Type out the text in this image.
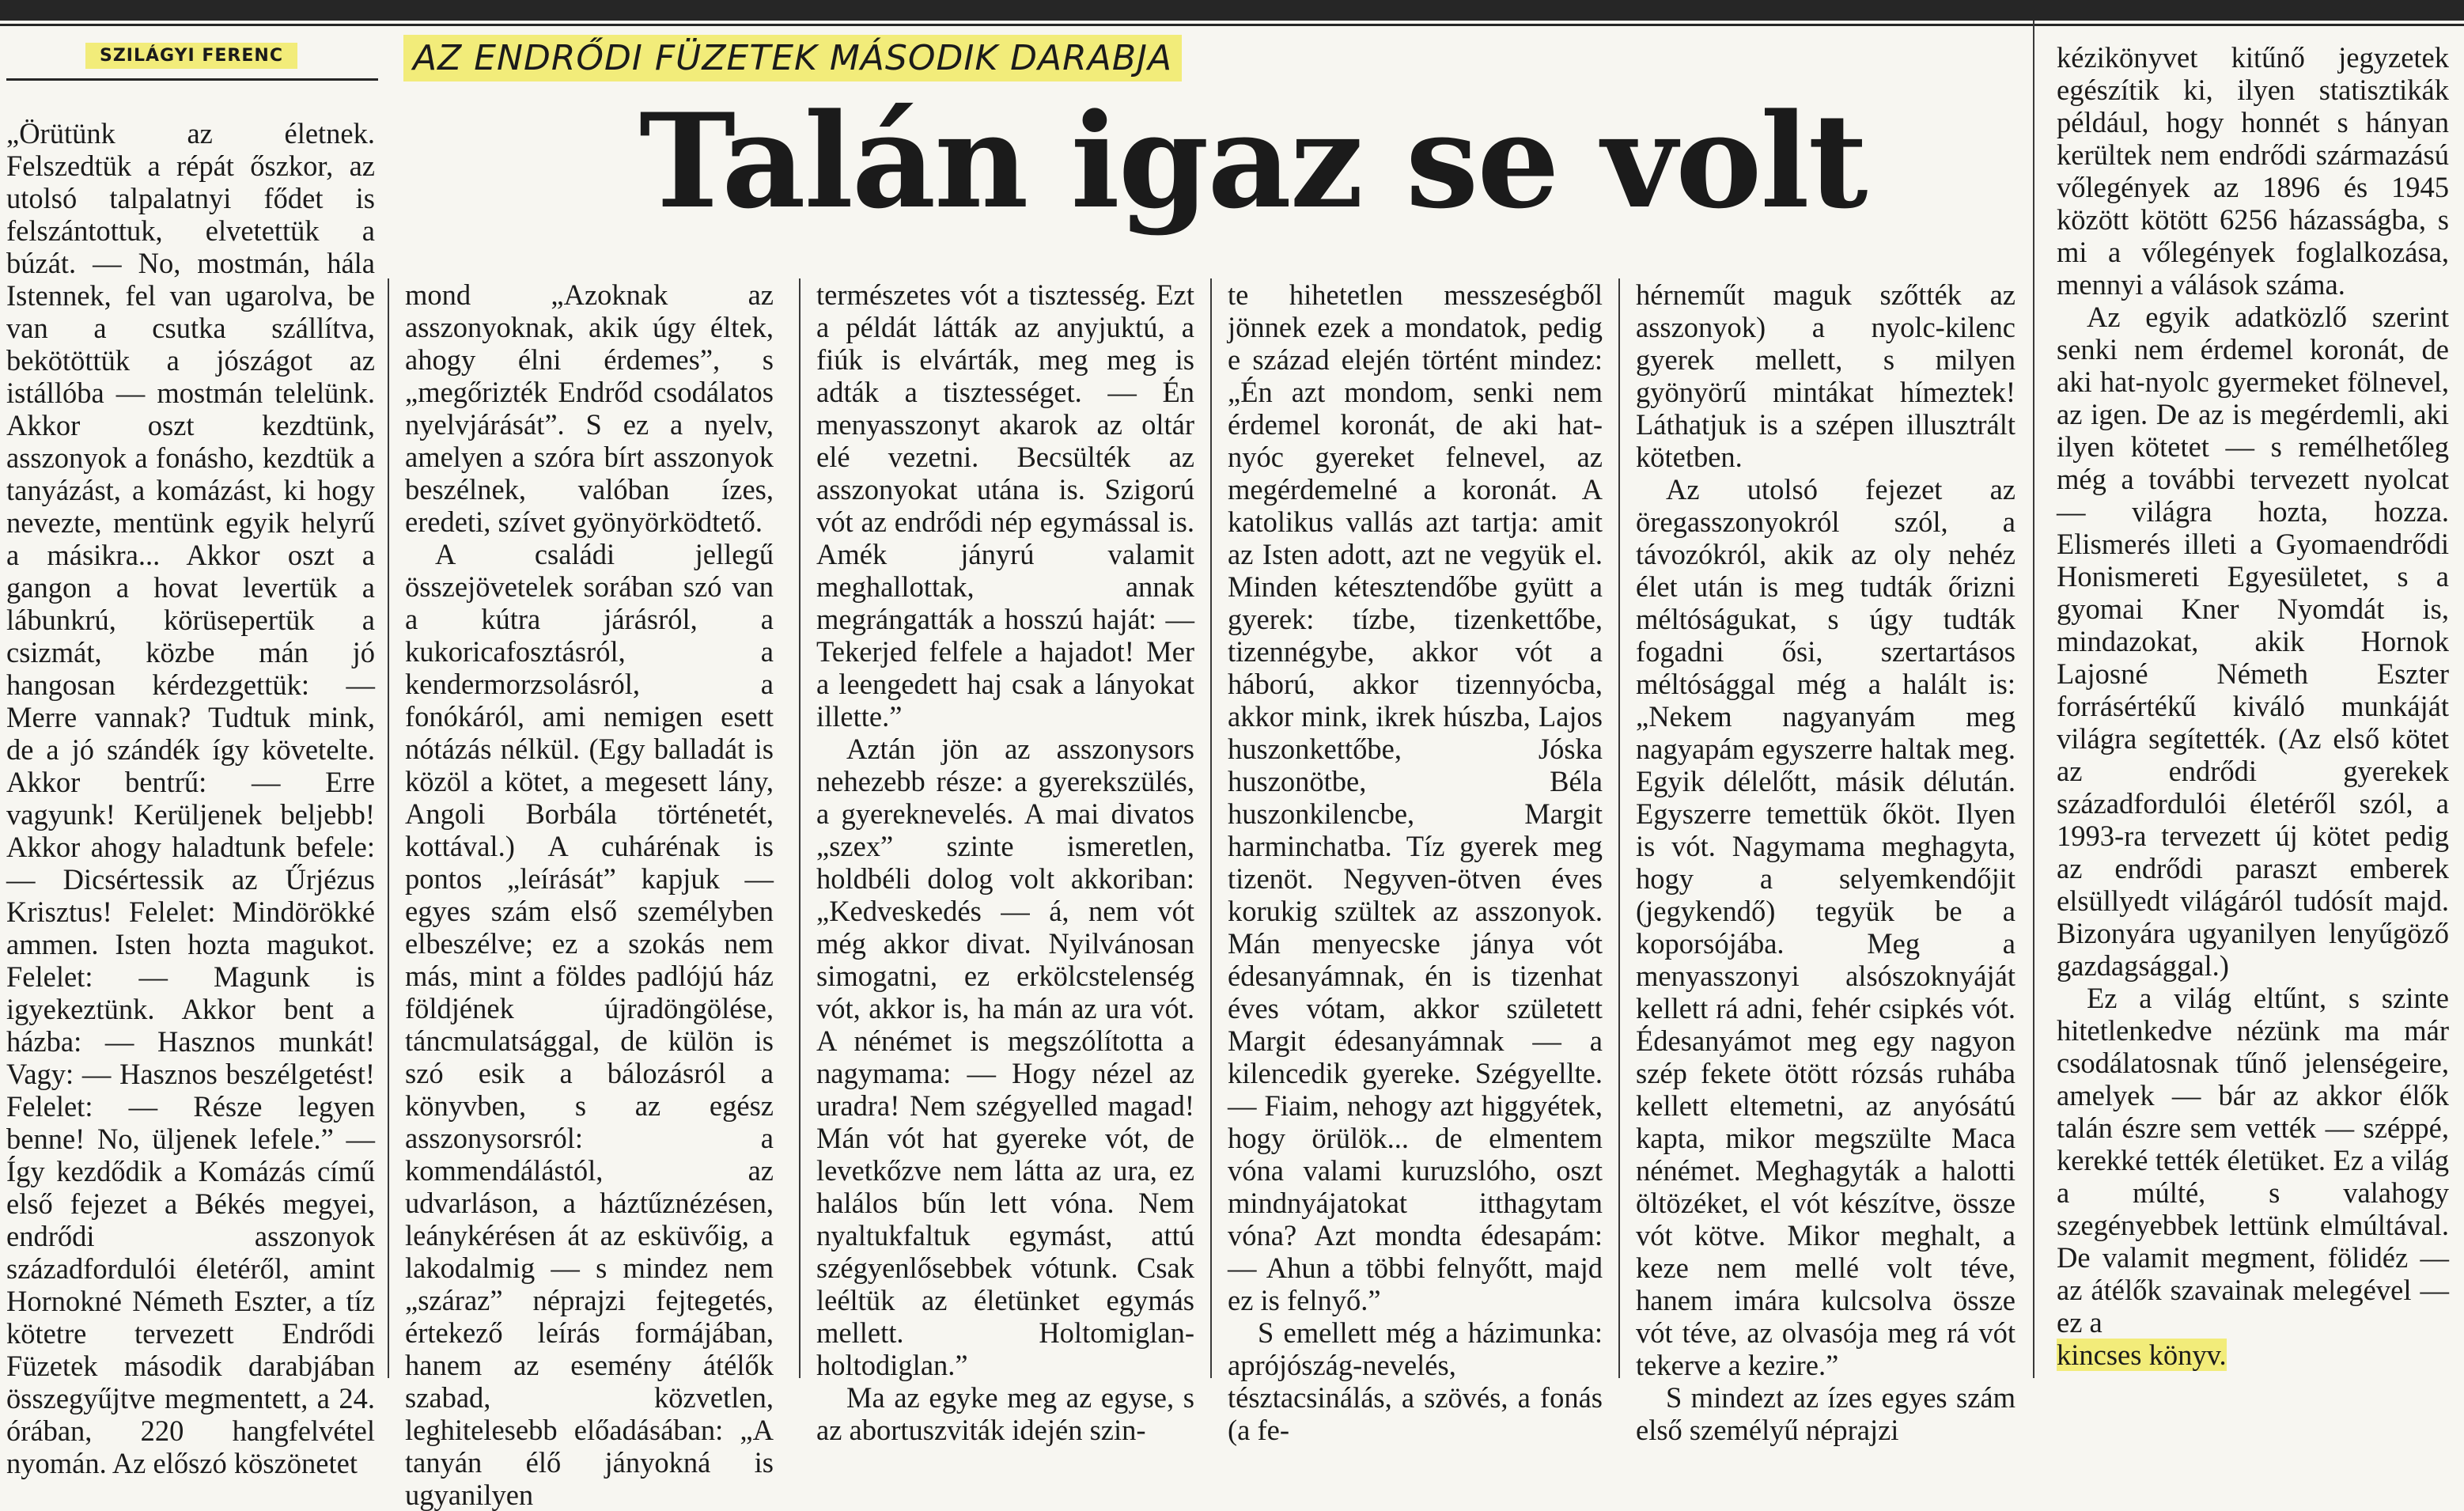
SZILÁGYI FERENC	AZ ENDRŐDI FÜZETEK MÁSODIK DARABJA
Talán igaz se volt

„Örütünk az életnek. Felszedtük a répát őszkor, az utolsó talpalatnyi fődet is felszántottuk, elvetettük a búzát. — No, mostmán, hála Istennek, fel van ugarolva, be van a csutka szállítva, bekötöttük a jószágot az istállóba — mostmán telelünk. Akkor oszt kezdtünk, asszonyok a fonásho, kezdtük a tanyázást, a komázást, ki hogy nevezte, mentünk egyik helyrű a másikra... Akkor oszt a gangon a hovat levertük a lábunkrú, körüsepertük a csizmát, közbe mán jó hangosan kérdezgettük: — Merre vannak? Tudtuk mink, de a jó szándék így követelte. Akkor bentrű: — Erre vagyunk! Kerüljenek beljebb! Akkor ahogy haladtunk befele: — Dicsértessik az Űrjézus Krisztus! Felelet: Mindörökké ammen. Isten hozta magukot. Felelet: — Magunk is igyekeztünk. Akkor bent a házba: — Hasznos munkát! Vagy: — Hasznos beszélgetést! Felelet: — Része legyen benne! No, üljenek lefele.” — Így kezdődik a Komázás című első fejezet a Békés megyei, endrődi asszonyok századfordulói életéről, amint Hornokné Németh Eszter, a tíz kötetre tervezett Endrődi Füzetek második darabjában összegyűjtve megmentett, a 24. órában, 220 hangfelvétel nyomán. Az előszó köszönetet

mond „Azoknak az asszonyoknak, akik úgy éltek, ahogy élni érdemes”, s „megőrizték Endrőd csodálatos nyelvjárását”. S ez a nyelv, amelyen a szóra bírt asszonyok beszélnek, valóban ízes, eredeti, szívet gyönyörködtető.

A családi jellegű összejövetelek sorában szó van a kútra járásról, a kukoricafosztásról, a kendermorzsolásról, a fonókáról, ami nemigen esett nótázás nélkül. (Egy balladát is közöl a kötet, a megesett lány, Angoli Borbála történetét, kottával.) A cuhárénak is pontos „leírását” kapjuk — egyes szám első személyben elbeszélve; ez a szokás nem más, mint a földes padlójú ház földjének újradöngölése, táncmulatsággal, de külön is szó esik a bálozásról a könyvben, s az egész asszonysorsról: a kommendálástól, az udvarláson, a háztűznézésen, leánykérésen át az esküvőig, a lakodalmig — s mindez nem „száraz” néprajzi fejtegetés, értekező leírás formájában, hanem az esemény átélők szabad, közvetlen, leghitelesebb előadásában: „A tanyán élő jányokná is ugyanilyen

természetes vót a tisztesség. Ezt a példát látták az anyjuktú, a fiúk is elvárták, meg meg is adták a tisztességet. — Én menyasszonyt akarok az oltár elé vezetni. Becsülték az asszonyokat utána is. Szigorú vót az endrődi nép egymással is. Amék jányrú valamit meghallottak, annak megrángatták a hosszú haját: — Tekerjed felfele a hajadot! Mer a leengedett haj csak a lányokat illette.”

Aztán jön az asszonysors nehezebb része: a gyerekszülés, a gyereknevelés. A mai divatos „szex” szinte ismeretlen, holdbéli dolog volt akkoriban: „Kedveskedés — á, nem vót még akkor divat. Nyilvánosan simogatni, ez erkölcstelenség vót, akkor is, ha mán az ura vót. A nénémet is megszólította a nagymama: — Hogy nézel az uradra! Nem szégyelled magad! Mán vót hat gyereke vót, de levetkőzve nem látta az ura, ez halálos bűn lett vóna. Nem nyaltukfaltuk egymást, attú szégyenlősebbek vótunk. Csak leéltük az életünket egymás mellett. Holtomiglan-holtodiglan.”

Ma az egyke meg az egyse, s az abortuszviták idején szin-

te hihetetlen messzeségből jönnek ezek a mondatok, pedig e század elején történt mindez: „Én azt mondom, senki nem érdemel koronát, de aki hat-nyóc gyereket felnevel, az megérdemelné a koronát. A katolikus vallás azt tartja: amit az Isten adott, azt ne vegyük el. Minden kétesztendőbe gyütt a gyerek: tízbe, tizenkettőbe, tizennégybe, akkor vót a háború, akkor tizennyócba, akkor mink, ikrek húszba, Lajos huszonkettőbe, Jóska huszonötbe, Béla huszonkilencbe, Margit harminchatba. Tíz gyerek meg tizenöt. Negyven-ötven éves korukig szültek az asszonyok. Mán menyecske jánya vót édesanyámnak, én is tizenhat éves vótam, akkor született Margit édesanyámnak — a kilencedik gyereke. Szégyellte. — Fiaim, nehogy azt higgyétek, hogy örülök... de elmentem vóna valami kuruzslóho, oszt mindnyájatokat itthagytam vóna? Azt mondta édesapám: — Ahun a többi felnyőtt, majd ez is felnyő.”

S emellett még a házimunka: aprójószág-nevelés, tésztacsinálás, a szövés, a fonás (a fe-

hérneműt maguk szőtték az asszonyok) a nyolc-kilenc gyerek mellett, s milyen gyönyörű mintákat hímeztek! Láthatjuk is a szépen illusztrált kötetben.

Az utolsó fejezet az öregasszonyokról szól, a távozókról, akik az oly nehéz élet után is meg tudták őrizni méltóságukat, s úgy tudták fogadni ősi, szertartásos méltósággal még a halált is: „Nekem nagyanyám meg nagyapám egyszerre haltak meg. Egyik délelőtt, másik délután. Egyszerre temettük őköt. Ilyen is vót. Nagymama meghagyta, hogy a selyemkendőjit (jegykendő) tegyük be a koporsójába. Meg a menyasszonyi alsószoknyáját kellett rá adni, fehér csipkés vót. Édesanyámot meg egy nagyon szép fekete ötött rózsás ruhába kellett eltemetni, az anyósátú kapta, mikor megszülte Maca nénémet. Meghagyták a halotti öltözéket, el vót készítve, össze vót kötve. Mikor meghalt, a keze nem mellé volt téve, hanem imára kulcsolva össze vót téve, az olvasója meg rá vót tekerve a kezire.”

S mindezt az ízes egyes szám első személyű néprajzi

kézikönyvet kitűnő jegyzetek egészítik ki, ilyen statisztikák például, hogy honnét s hányan kerültek nem endrődi származású vőlegények az 1896 és 1945 között kötött 6256 házasságba, s mi a vőlegények foglalkozása, mennyi a válások száma.

Az egyik adatközlő szerint senki nem érdemel koronát, de aki hat-nyolc gyermeket fölnevel, az igen. De az is megérdemli, aki ilyen kötetet — s remélhetőleg még a további tervezett nyolcat — világra hozta, hozza. Elismerés illeti a Gyomaendrődi Honismereti Egyesületet, s a gyomai Kner Nyomdát is, mindazokat, akik Hornok Lajosné Németh Eszter forrásértékű kiváló munkáját világra segítették. (Az első kötet az endrődi gyerekek századfordulói életéről szól, a 1993-ra tervezett új kötet pedig az endrődi paraszt emberek elsüllyedt világáról tudósít majd. Bizonyára ugyanilyen lenyűgöző gazdagsággal.)

Ez a világ eltűnt, s szinte hitetlenkedve nézünk ma már csodálatosnak tűnő jelenségeire, amelyek — bár az akkor élők talán észre sem vették — széppé, kerekké tették életüket. Ez a világ a múlté, s valahogy szegényebbek lettünk elmúltával. De valamit megment, fölidéz — az átélők szavainak melegével — ez a

kincses könyv.
